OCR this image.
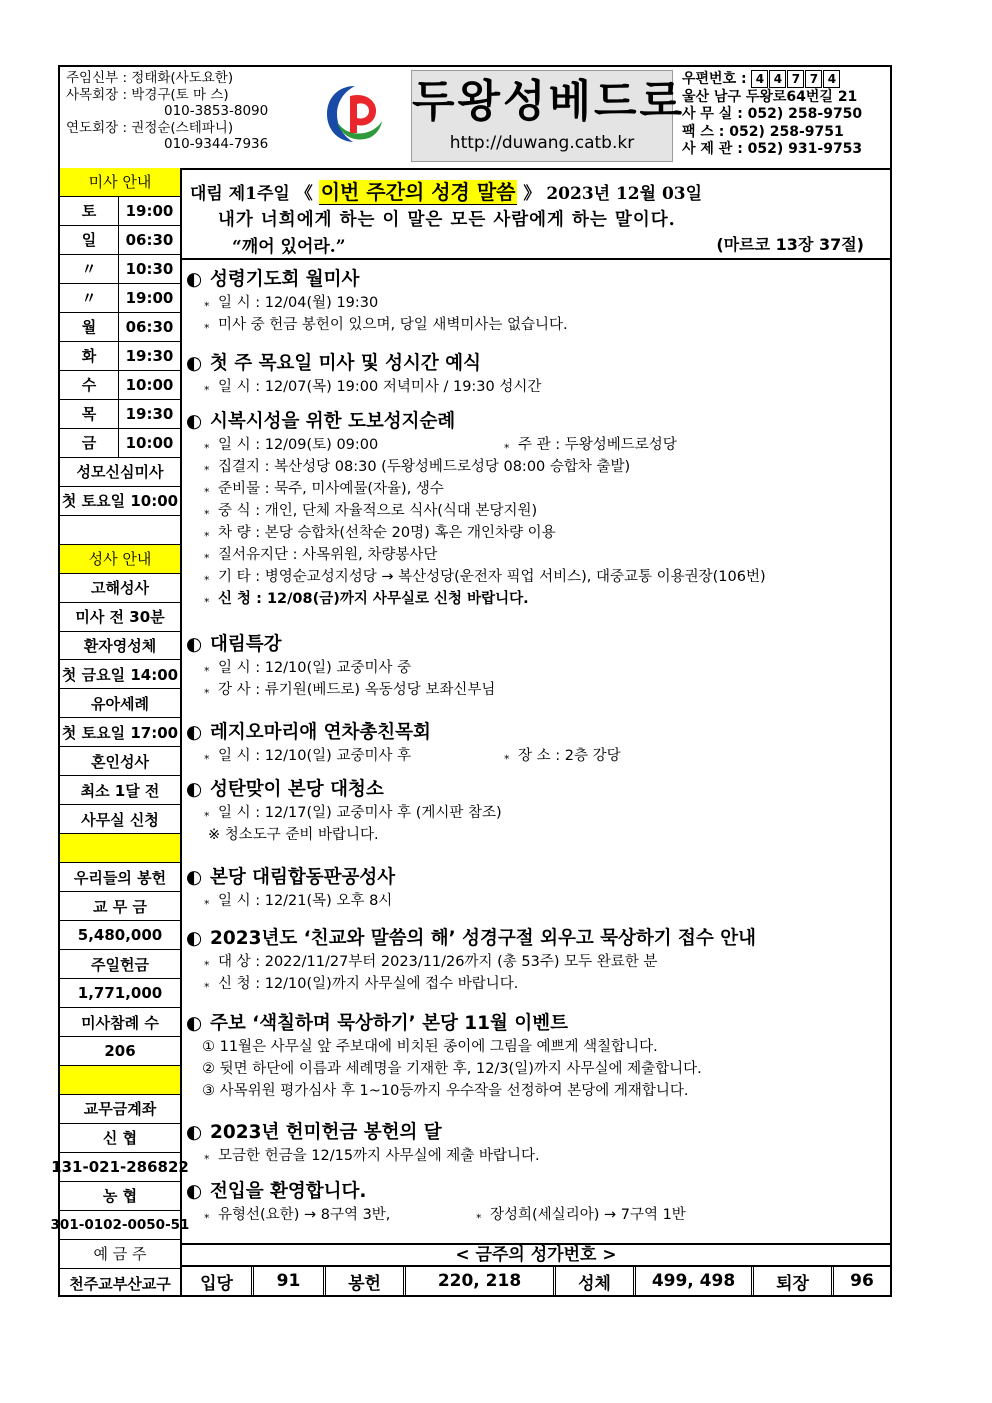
주임신부 : 정태화(사도요한)
사목회장 : 박경구(토 마 스)
010-3853-8090
연도회장 : 권정순(스테파니)
010-9344-7936
두왕성베드로
http://duwang.catb.kr
우편번호 : 4 4 7 7 4
울산 남구 두왕로64번길 21
사 무 실 : 052) 258-9750
팩 스 : 052) 258-9751
사 제 관 : 052) 931-9753
미사 안내
토	19:00
일	06:30
〃	10:30
〃	19:00
월	06:30
화	19:30
수	10:00
목	19:30
금	10:00
성모신심미사
첫 토요일 10:00
성사 안내
고해성사
미사 전 30분
환자영성체
첫 금요일 14:00
유아세례
첫 토요일 17:00
혼인성사
최소 1달 전
사무실 신청
우리들의 봉헌
교 무 금
5,480,000
주일헌금
1,771,000
미사참례 수
206
교무금계좌
신 협
131-021-286822
농 협
301-0102-0050-51
예 금 주
천주교부산교구
대림 제1주일 《 이번 주간의 성경 말씀 》 2023년 12월 03일
내가 너희에게 하는 이 말은 모든 사람에게 하는 말이다.
“깨어 있어라.”	(마르코 13장 37절)
◐ 성령기도회 월미사
⁎ 일 시 : 12/04(월) 19:30
⁎ 미사 중 헌금 봉헌이 있으며, 당일 새벽미사는 없습니다.
◐ 첫 주 목요일 미사 및 성시간 예식
⁎ 일 시 : 12/07(목) 19:00 저녁미사 / 19:30 성시간
◐ 시복시성을 위한 도보성지순례
⁎ 일 시 : 12/09(토) 09:00	⁎ 주 관 : 두왕성베드로성당
⁎ 집결지 : 복산성당 08:30 (두왕성베드로성당 08:00 승합차 출발)
⁎ 준비물 : 묵주, 미사예물(자율), 생수
⁎ 중 식 : 개인, 단체 자율적으로 식사(식대 본당지원)
⁎ 차 량 : 본당 승합차(선착순 20명) 혹은 개인차량 이용
⁎ 질서유지단 : 사목위원, 차량봉사단
⁎ 기 타 : 병영순교성지성당 → 복산성당(운전자 픽업 서비스), 대중교통 이용권장(106번)
⁎ 신 청 : 12/08(금)까지 사무실로 신청 바랍니다.
◐ 대림특강
⁎ 일 시 : 12/10(일) 교중미사 중
⁎ 강 사 : 류기원(베드로) 옥동성당 보좌신부님
◐ 레지오마리애 연차총친목회
⁎ 일 시 : 12/10(일) 교중미사 후	⁎ 장 소 : 2층 강당
◐ 성탄맞이 본당 대청소
⁎ 일 시 : 12/17(일) 교중미사 후 (게시판 참조)
※ 청소도구 준비 바랍니다.
◐ 본당 대림합동판공성사
⁎ 일 시 : 12/21(목) 오후 8시
◐ 2023년도 ‘친교와 말씀의 해’ 성경구절 외우고 묵상하기 접수 안내
⁎ 대 상 : 2022/11/27부터 2023/11/26까지 (총 53주) 모두 완료한 분
⁎ 신 청 : 12/10(일)까지 사무실에 접수 바랍니다.
◐ 주보 ‘색칠하며 묵상하기’ 본당 11월 이벤트
① 11월은 사무실 앞 주보대에 비치된 종이에 그림을 예쁘게 색칠합니다.
② 뒷면 하단에 이름과 세례명을 기재한 후, 12/3(일)까지 사무실에 제출합니다.
③ 사목위원 평가심사 후 1~10등까지 우수작을 선정하여 본당에 게재합니다.
◐ 2023년 헌미헌금 봉헌의 달
⁎ 모금한 헌금을 12/15까지 사무실에 제출 바랍니다.
◐ 전입을 환영합니다.
⁎ 유형선(요한) → 8구역 3반,	⁎ 장성희(세실리아) → 7구역 1반
< 금주의 성가번호 >
입당	91	봉헌	220, 218	성체	499, 498	퇴장	96
